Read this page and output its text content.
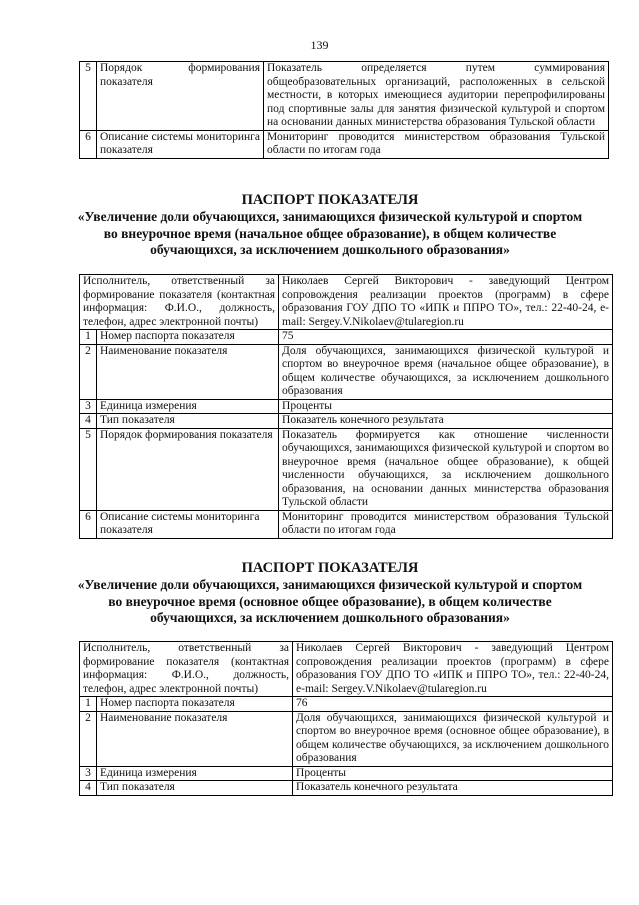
139
5	Порядок формирования показателя	Показатель определяется путем суммирования общеобразовательных организаций, расположенных в сельской местности, в которых имеющиеся аудитории перепрофилированы под спортивные залы для занятия физической культурой и спортом на основании данных министерства образования Тульской области
6	Описание системы мониторинга показателя	Мониторинг проводится министерством образования Тульской области по итогам года
ПАСПОРТ ПОКАЗАТЕЛЯ
«Увеличение доли обучающихся, занимающихся физической культурой и спортом во внеурочное время (начальное общее образование), в общем количестве обучающихся, за исключением дошкольного образования»
Исполнитель, ответственный за формирование показателя (контактная информация: Ф.И.О., должность, телефон, адрес электронной почты)		Николаев Сергей Викторович - заведующий Центром сопровождения реализации проектов (программ) в сфере образования ГОУ ДПО ТО «ИПК и ППРО ТО», тел.: 22-40-24, e-mail: Sergey.V.Nikolaev@tularegion.ru
1	Номер паспорта показателя	75
2	Наименование показателя	Доля обучающихся, занимающихся физической культурой и спортом во внеурочное время (начальное общее образование), в общем количестве обучающихся, за исключением дошкольного образования
3	Единица измерения	Проценты
4	Тип показателя	Показатель конечного результата
5	Порядок формирования показателя	Показатель формируется как отношение численности обучающихся, занимающихся физической культурой и спортом во внеурочное время (начальное общее образование), к общей численности обучающихся, за исключением дошкольного образования, на основании данных министерства образования Тульской области
6	Описание системы мониторинга показателя	Мониторинг проводится министерством образования Тульской области по итогам года
ПАСПОРТ ПОКАЗАТЕЛЯ
«Увеличение доли обучающихся, занимающихся физической культурой и спортом во внеурочное время (основное общее образование), в общем количестве обучающихся, за исключением дошкольного образования»
Исполнитель, ответственный за формирование показателя (контактная информация: Ф.И.О., должность, телефон, адрес электронной почты)		Николаев Сергей Викторович - заведующий Центром сопровождения реализации проектов (программ) в сфере образования ГОУ ДПО ТО «ИПК и ППРО ТО», тел.: 22-40-24, e-mail: Sergey.V.Nikolaev@tularegion.ru
1	Номер паспорта показателя	76
2	Наименование показателя	Доля обучающихся, занимающихся физической культурой и спортом во внеурочное время (основное общее образование), в общем количестве обучающихся, за исключением дошкольного образования
3	Единица измерения	Проценты
4	Тип показателя	Показатель конечного результата
